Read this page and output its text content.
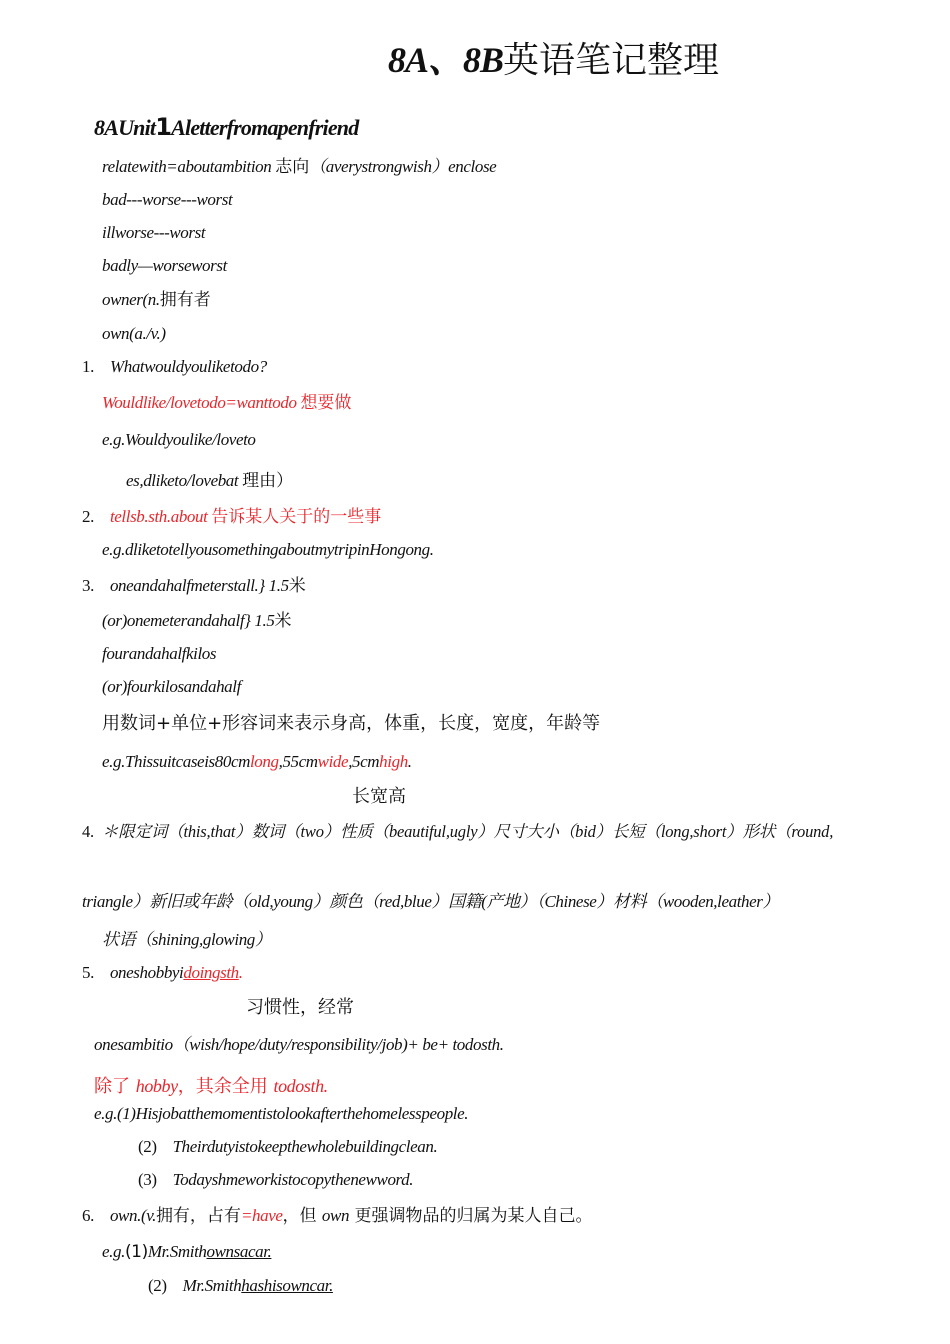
8A、8B英语笔记整理
8AUnit1Aletterfromapenfriend
relatewith=aboutambition 志向（averystrongwish）enclose
bad---worse---worst
illworse---worst
badly—worseworst
owner(n.拥有者
own(a./v.)
1. Whatwouldyouliketodo?
Wouldlike/lovetodo=wanttodo 想要做
e.g.Wouldyoulike/loveto
es,dliketo/lovebat 理由）
2. tellsb.sth.about 告诉某人关于的一些事
e.g.dliketotellyousomethingaboutmytripinHongong.
3. oneandahalfmeterstall.} 1.5米
(or)onemeterandahalf} 1.5米
fourandahalfkilos
(or)fourkilosandahalf
用数词+单位+形容词来表示身高，体重，长度，宽度，年龄等
e.g.Thissuitcaseis80cmlong,55cmwide,5cmhigh.
长宽高
4. ＊限定词（this,that）数词（two）性质（beautiful,ugly）尺寸大小（bid）长短（long,short）形状（round,
triangle）新旧或年龄（old,young）颜色（red,blue）国籍(产地）（Chinese）材料（wooden,leather）
状语（shining,glowing）
5. oneshobbyidoingsth.
习惯性，经常
onesambitio（wish/hope/duty/responsibility/job)+ be+ todosth.
除了 hobby，其余全用 todosth.
e.g.(1)Hisjobatthemomentistolookafterthehomelesspeople.
(2) Theirdutyistokeepthewholebuildingclean.
(3) Todayshmeworkistocopythenewword.
6. own.(v.拥有，占有=have，但 own 更强调物品的归属为某人自己。
e.g.(1)Mr.Smithownsacar.
(2) Mr.Smithhashisowncar.
